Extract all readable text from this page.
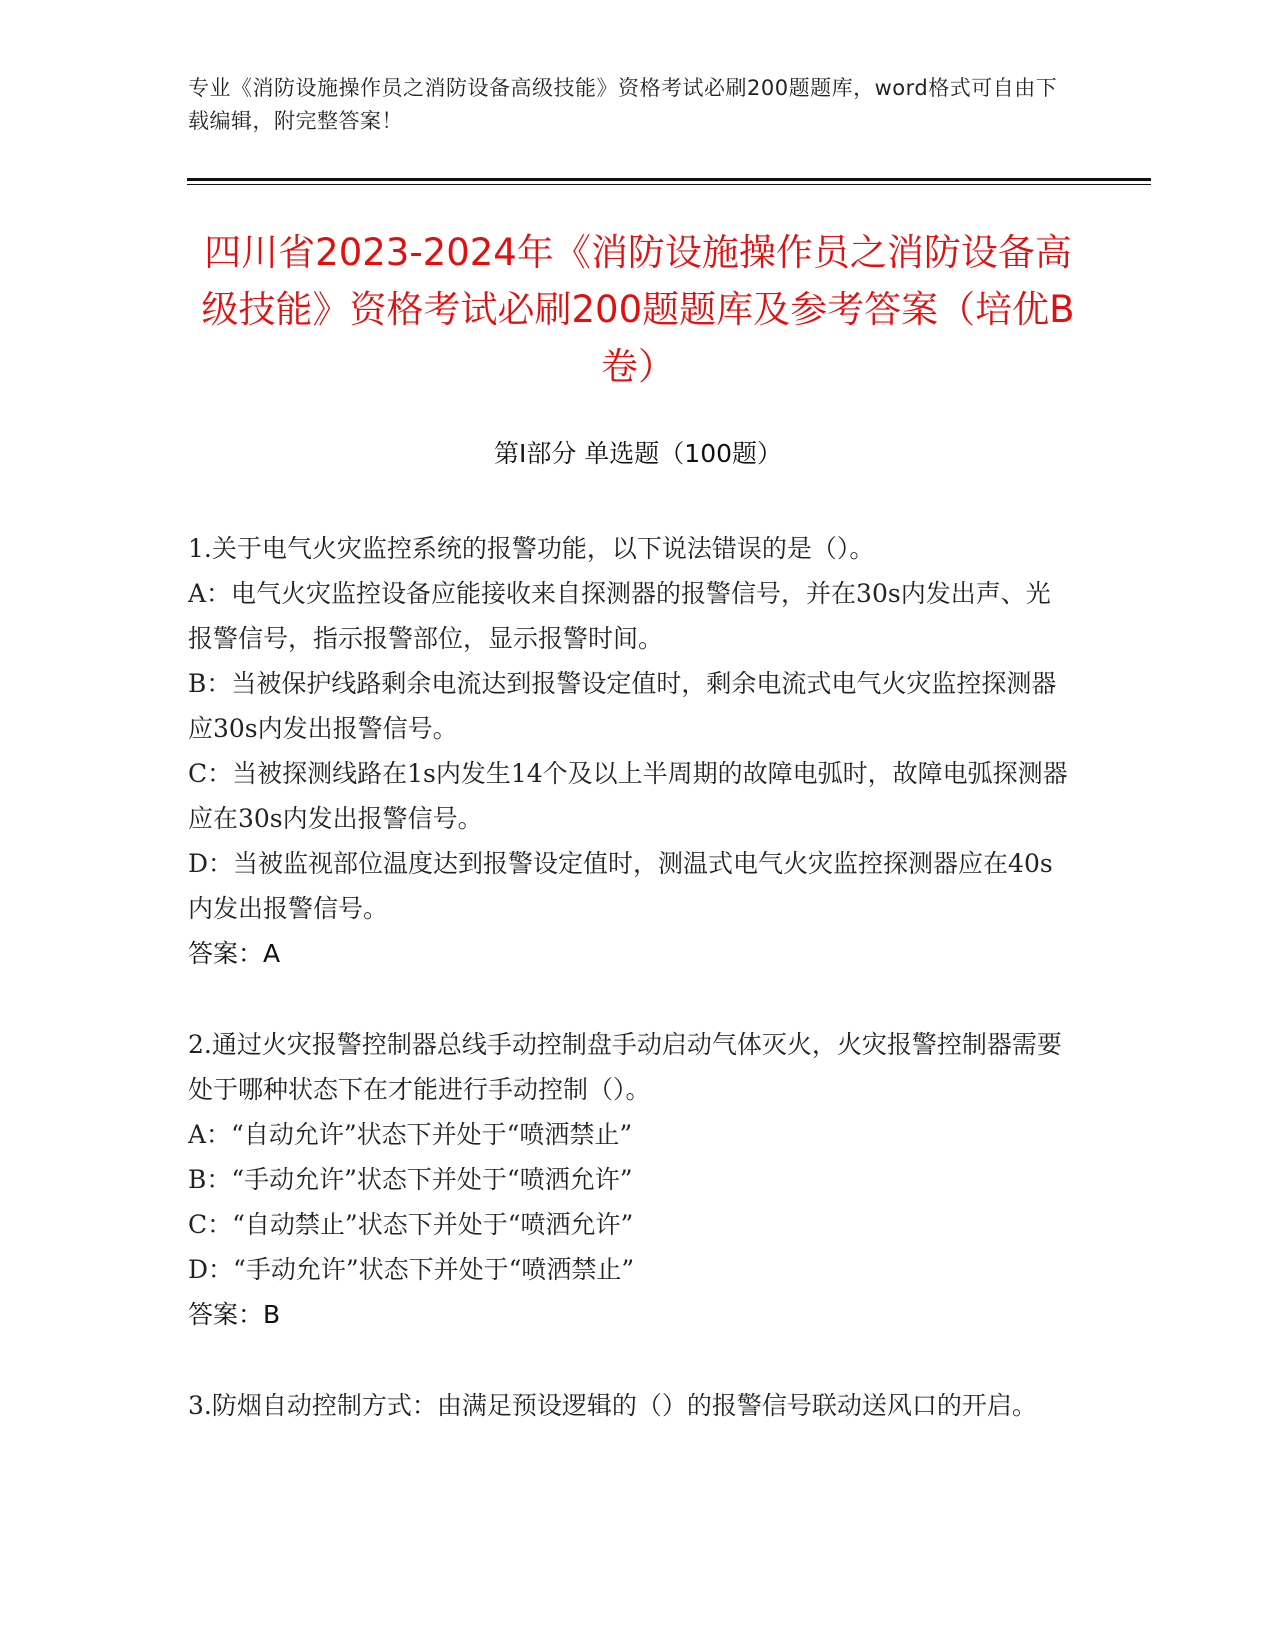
专业《消防设施操作员之消防设备高级技能》资格考试必刷200题题库，word格式可自由下载编辑，附完整答案！
四川省2023-2024年《消防设施操作员之消防设备高级技能》资格考试必刷200题题库及参考答案（培优B卷）
第Ⅰ部分 单选题（100题）

1.关于电气火灾监控系统的报警功能，以下说法错误的是（）。

A：电气火灾监控设备应能接收来自探测器的报警信号，并在30s内发出声、光报警信号，指示报警部位，显示报警时间。

B：当被保护线路剩余电流达到报警设定值时，剩余电流式电气火灾监控探测器应30s内发出报警信号。

C：当被探测线路在1s内发生14个及以上半周期的故障电弧时，故障电弧探测器应在30s内发出报警信号。

D：当被监视部位温度达到报警设定值时，测温式电气火灾监控探测器应在40s内发出报警信号。

答案：A

2.通过火灾报警控制器总线手动控制盘手动启动气体灭火，火灾报警控制器需要处于哪种状态下在才能进行手动控制（）。

A：“自动允许”状态下并处于“喷洒禁止”

B：“手动允许”状态下并处于“喷洒允许”

C：“自动禁止”状态下并处于“喷洒允许”

D：“手动允许”状态下并处于“喷洒禁止”

答案：B

3.防烟自动控制方式：由满足预设逻辑的（）的报警信号联动送风口的开启。
